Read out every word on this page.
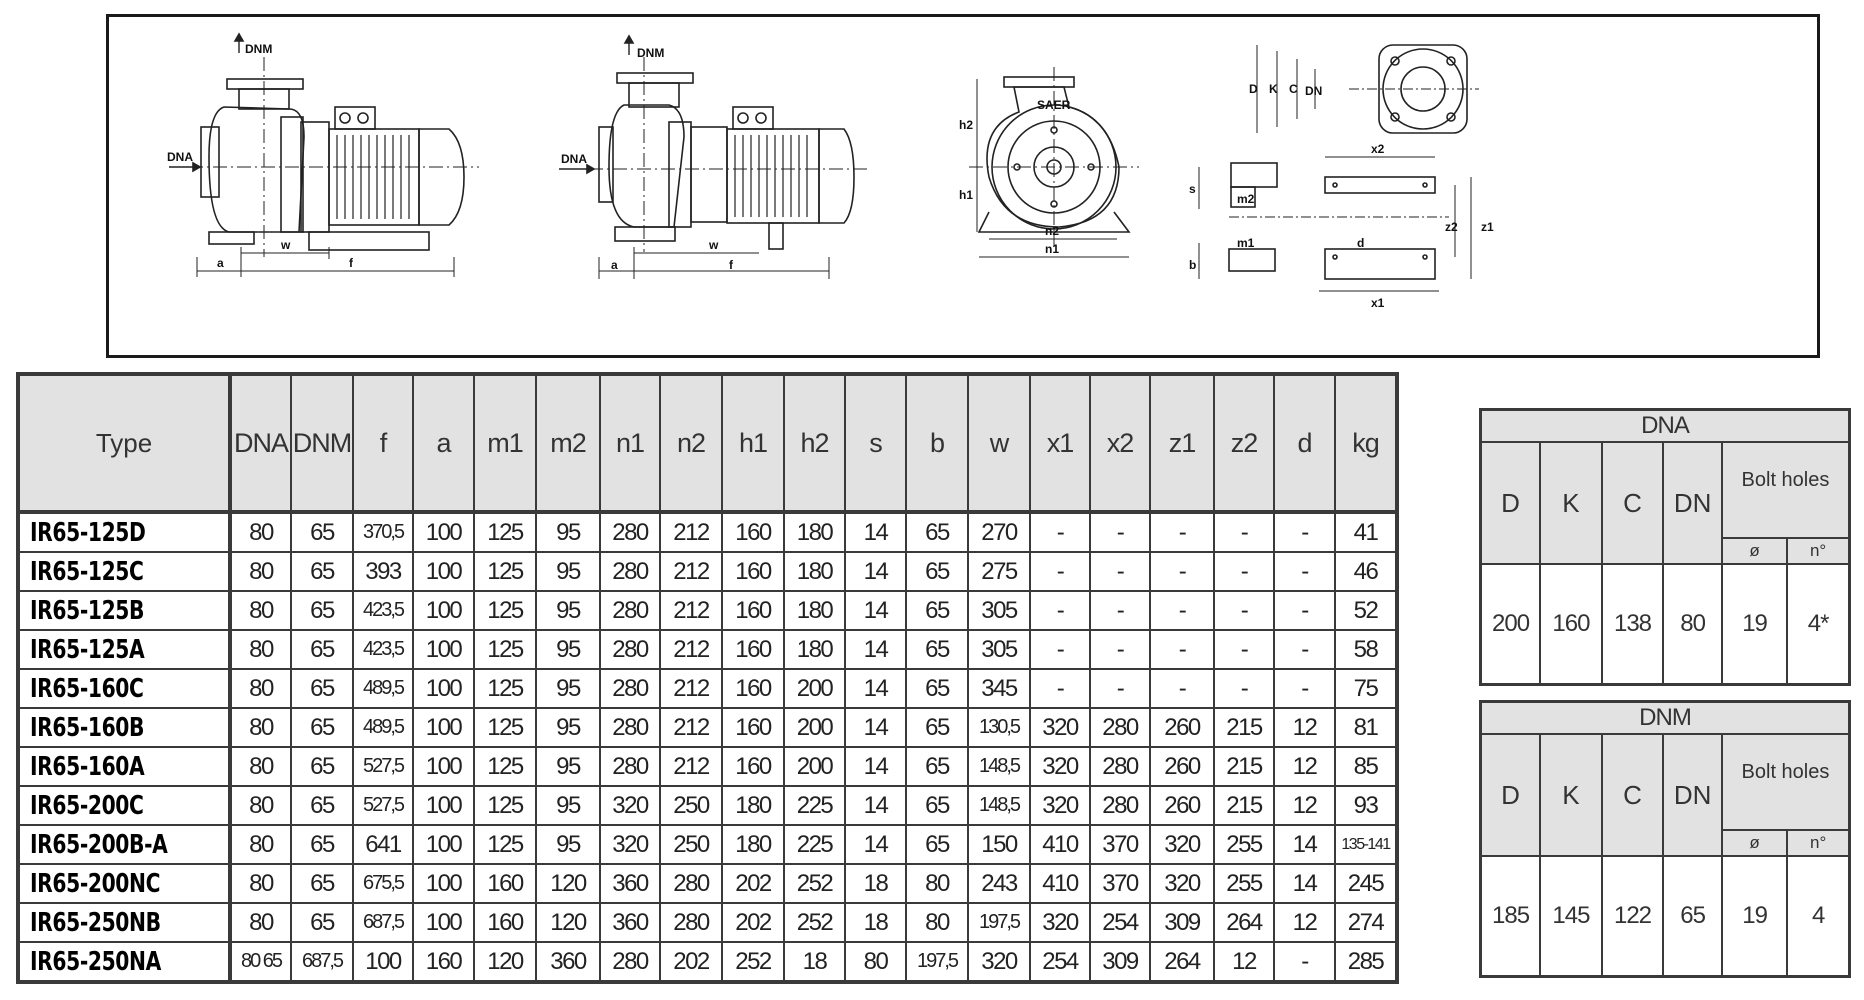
DNM
DNA
a
w
f
DNM
DNA
a
w
f
h2
h1
n2
n1
SAER
D K C DN
s
m2
m1
b
d
x1
x2
z1
z2
Type	DNA	DNM	f	a	m1	m2	n1	n2	h1	h2	s	b	w	x1	x2	z1	z2	d	kg
IR65-125D	80	65	370,5	100	125	95	280	212	160	180	14	65	270	-	-	-	-	-	41
IR65-125C	80	65	393	100	125	95	280	212	160	180	14	65	275	-	-	-	-	-	46
IR65-125B	80	65	423,5	100	125	95	280	212	160	180	14	65	305	-	-	-	-	-	52
IR65-125A	80	65	423,5	100	125	95	280	212	160	180	14	65	305	-	-	-	-	-	58
IR65-160C	80	65	489,5	100	125	95	280	212	160	200	14	65	345	-	-	-	-	-	75
IR65-160B	80	65	489,5	100	125	95	280	212	160	200	14	65	130,5	320	280	260	215	12	81
IR65-160A	80	65	527,5	100	125	95	280	212	160	200	14	65	148,5	320	280	260	215	12	85
IR65-200C	80	65	527,5	100	125	95	320	250	180	225	14	65	148,5	320	280	260	215	12	93
IR65-200B-A	80	65	641	100	125	95	320	250	180	225	14	65	150	410	370	320	255	14	135-141
IR65-200NC	80	65	675,5	100	160	120	360	280	202	252	18	80	243	410	370	320	255	14	245
IR65-250NB	80	65	687,5	100	160	120	360	280	202	252	18	80	197,5	320	254	309	264	12	274
IR65-250NA	80 65	687,5	100	160	120	360	280	202	252	18	80	197,5	320	254	309	264	12	-	285
DNA					
D	K	C	DN	Bolt holes	
				ø	n°
200	160	138	80	19	4*
DNM					
D	K	C	DN	Bolt holes	
				ø	n°
185	145	122	65	19	4
